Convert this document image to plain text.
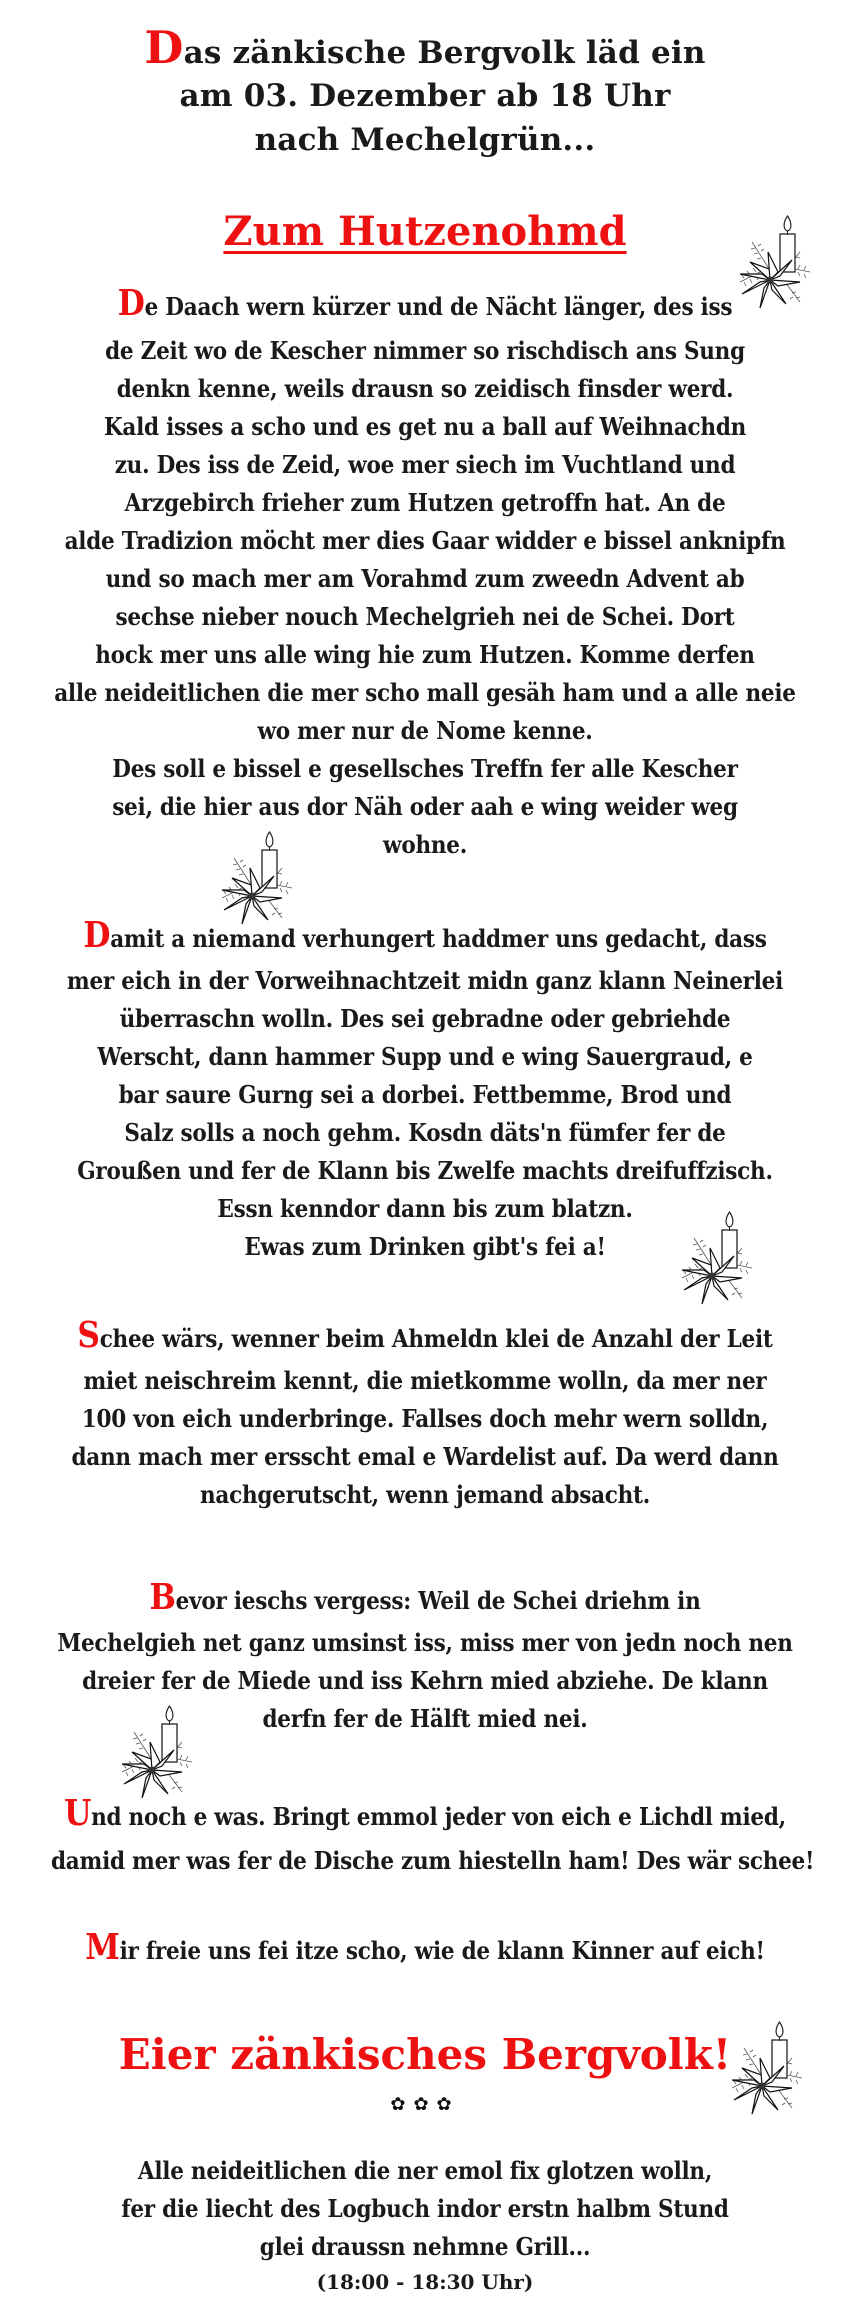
Das zänkische Bergvolk läd ein
am 03. Dezember ab 18 Uhr
nach Mechelgrün...
Zum Hutzenohmd
De Daach wern kürzer und de Nächt länger, des iss
de Zeit wo de Kescher nimmer so rischdisch ans Sung
denkn kenne, weils drausn so zeidisch finsder werd.
Kald isses a scho und es get nu a ball auf Weihnachdn
zu. Des iss de Zeid, woe mer siech im Vuchtland und
Arzgebirch frieher zum Hutzen getroffn hat. An de
alde Tradizion möcht mer dies Gaar widder e bissel anknipfn
und so mach mer am Vorahmd zum zweedn Advent ab
sechse nieber nouch Mechelgrieh nei de Schei. Dort
hock mer uns alle wing hie zum Hutzen. Komme derfen
alle neideitlichen die mer scho mall gesäh ham und a alle neie
wo mer nur de Nome kenne.
Des soll e bissel e gesellsches Treffn fer alle Kescher
sei, die hier aus dor Näh oder aah e wing weider weg
wohne.
Damit a niemand verhungert haddmer uns gedacht, dass
mer eich in der Vorweihnachtzeit midn ganz klann Neinerlei
überraschn wolln. Des sei gebradne oder gebriehde
Werscht, dann hammer Supp und e wing Sauergraud, e
bar saure Gurng sei a dorbei. Fettbemme, Brod und
Salz solls a noch gehm. Kosdn däts'n fümfer fer de
Groußen und fer de Klann bis Zwelfe machts dreifuffzisch.
Essn kenndor dann bis zum blatzn.
Ewas zum Drinken gibt's fei a!
Schee wärs, wenner beim Ahmeldn klei de Anzahl der Leit
miet neischreim kennt, die mietkomme wolln, da mer ner
100 von eich underbringe. Fallses doch mehr wern solldn,
dann mach mer ersscht emal e Wardelist auf. Da werd dann
nachgerutscht, wenn jemand absacht.
Bevor ieschs vergess: Weil de Schei driehm in
Mechelgieh net ganz umsinst iss, miss mer von jedn noch nen
dreier fer de Miede und iss Kehrn mied abziehe. De klann
derfn fer de Hälft mied nei.
Und noch e was. Bringt emmol jeder von eich e Lichdl mied,
damid mer was fer de Dische zum hiestelln ham! Des wär schee!
Mir freie uns fei itze scho, wie de klann Kinner auf eich!
Eier zänkisches Bergvolk!
✿✿✿
Alle neideitlichen die ner emol fix glotzen wolln,
fer die liecht des Logbuch indor erstn halbm Stund
glei draussn nehmne Grill...
(18:00 - 18:30 Uhr)
